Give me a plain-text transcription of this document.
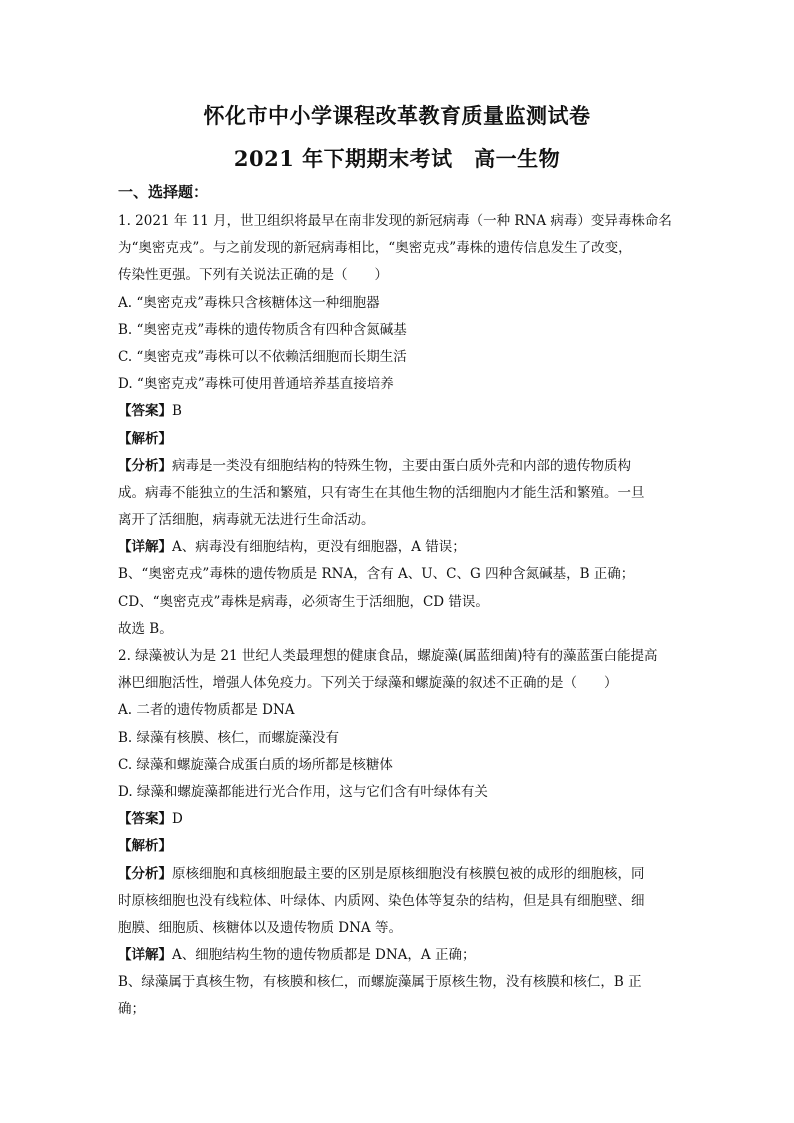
怀化市中小学课程改革教育质量监测试卷
2021 年下期期末考试　高一生物
一、选择题：
1. 2021 年 11 月，世卫组织将最早在南非发现的新冠病毒（一种 RNA 病毒）变异毒株命名
为“奥密克戎”。与之前发现的新冠病毒相比，“奥密克戎”毒株的遗传信息发生了改变，
传染性更强。下列有关说法正确的是（　　）
A. “奥密克戎”毒株只含核糖体这一种细胞器
B. “奥密克戎”毒株的遗传物质含有四种含氮碱基
C. “奥密克戎”毒株可以不依赖活细胞而长期生活
D. “奥密克戎”毒株可使用普通培养基直接培养
【答案】B
【解析】
【分析】病毒是一类没有细胞结构的特殊生物，主要由蛋白质外壳和内部的遗传物质构
成。病毒不能独立的生活和繁殖，只有寄生在其他生物的活细胞内才能生活和繁殖。一旦
离开了活细胞，病毒就无法进行生命活动。
【详解】A、病毒没有细胞结构，更没有细胞器，A 错误；
B、“奥密克戎”毒株的遗传物质是 RNA，含有 A、U、C、G 四种含氮碱基，B 正确；
CD、“奥密克戎”毒株是病毒，必须寄生于活细胞，CD 错误。
故选 B。
2. 绿藻被认为是 21 世纪人类最理想的健康食品，螺旋藻(属蓝细菌)特有的藻蓝蛋白能提高
淋巴细胞活性，增强人体免疫力。下列关于绿藻和螺旋藻的叙述不正确的是（　　）
A. 二者的遗传物质都是 DNA
B. 绿藻有核膜、核仁，而螺旋藻没有
C. 绿藻和螺旋藻合成蛋白质的场所都是核糖体
D. 绿藻和螺旋藻都能进行光合作用，这与它们含有叶绿体有关
【答案】D
【解析】
【分析】原核细胞和真核细胞最主要的区别是原核细胞没有核膜包被的成形的细胞核，同
时原核细胞也没有线粒体、叶绿体、内质网、染色体等复杂的结构，但是具有细胞壁、细
胞膜、细胞质、核糖体以及遗传物质 DNA 等。
【详解】A、细胞结构生物的遗传物质都是 DNA，A 正确；
B、绿藻属于真核生物，有核膜和核仁，而螺旋藻属于原核生物，没有核膜和核仁，B 正
确；
